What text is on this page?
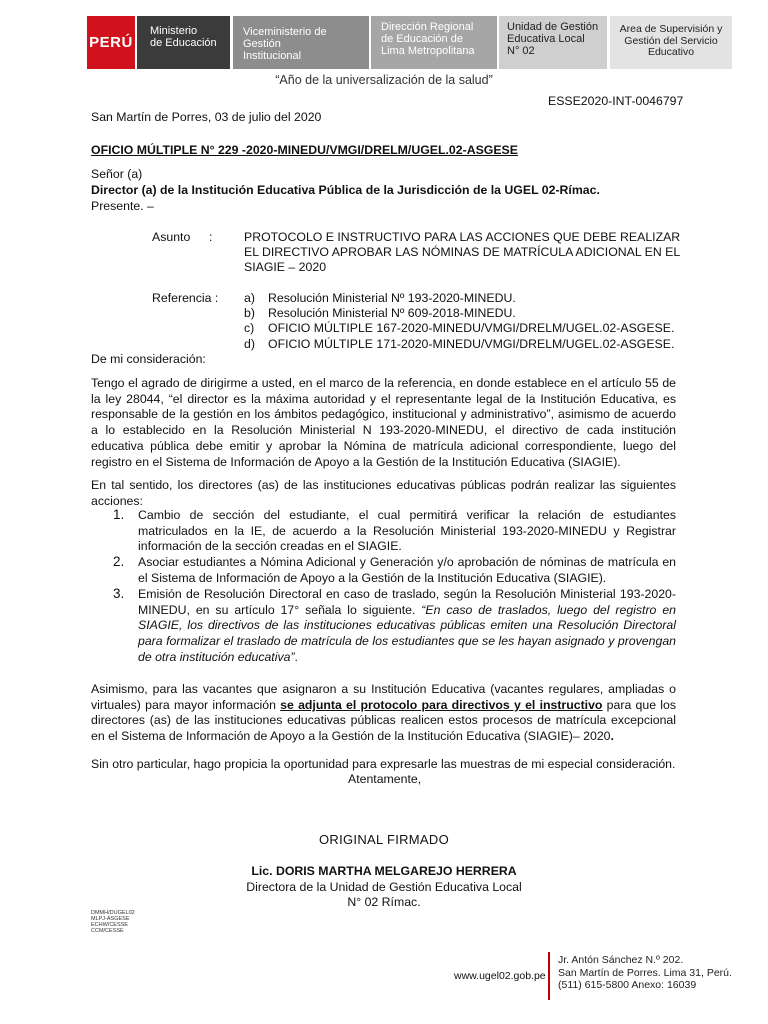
PERÚ
Ministerio
de Educación
Viceministerio de
Gestión
Institucional
Dirección Regional
de Educación de
Lima Metropolitana
Unidad de Gestión
Educativa Local
N° 02
Area de Supervisión y
Gestión del Servicio
Educativo
“Año de la universalización de la salud”
ESSE2020-INT-0046797
San Martín de Porres, 03 de julio del 2020
OFICIO MÚLTIPLE N° 229 -2020-MINEDU/VMGI/DRELM/UGEL.02-ASGESE
Señor (a)
Director (a) de la Institución Educativa Pública de la Jurisdicción de la UGEL 02-Rímac.
Presente. –
Asunto :	PROTOCOLO E INSTRUCTIVO PARA LAS ACCIONES QUE DEBE REALIZAR
EL DIRECTIVO APROBAR LAS NÓMINAS DE MATRÍCULA ADICIONAL EN EL
SIAGIE – 2020
Referencia : a) Resolución Ministerial Nº 193-2020-MINEDU.
b) Resolución Ministerial Nº 609-2018-MINEDU.
c) OFICIO MÚLTIPLE 167-2020-MINEDU/VMGI/DRELM/UGEL.02-ASGESE.
d) OFICIO MÚLTIPLE 171-2020-MINEDU/VMGI/DRELM/UGEL.02-ASGESE.
De mi consideración:
Tengo el agrado de dirigirme a usted, en el marco de la referencia, en donde establece en el artículo 55 de la ley 28044, “el director es la máxima autoridad y el representante legal de la Institución Educativa, es responsable de la gestión en los ámbitos pedagógico, institucional y administrativo”, asimismo de acuerdo a lo establecido en la Resolución Ministerial N 193-2020-MINEDU, el directivo de cada institución educativa pública debe emitir y aprobar la Nómina de matrícula adicional correspondiente, luego del registro en el Sistema de Información de Apoyo a la Gestión de la Institución Educativa (SIAGIE).
En tal sentido, los directores (as) de las instituciones educativas públicas podrán realizar las siguientes acciones:
1. Cambio de sección del estudiante, el cual permitirá verificar la relación de estudiantes matriculados en la IE, de acuerdo a la Resolución Ministerial 193-2020-MINEDU y Registrar información de la sección creadas en el SIAGIE.
2. Asociar estudiantes a Nómina Adicional y Generación y/o aprobación de nóminas de matrícula en el Sistema de Información de Apoyo a la Gestión de la Institución Educativa (SIAGIE).
3. Emisión de Resolución Directoral en caso de traslado, según la Resolución Ministerial 193-2020-MINEDU, en su artículo 17° señala lo siguiente. “En caso de traslados, luego del registro en SIAGIE, los directivos de las instituciones educativas públicas emiten una Resolución Directoral para formalizar el traslado de matrícula de los estudiantes que se les hayan asignado y provengan de otra institución educativa”.
Asimismo, para las vacantes que asignaron a su Institución Educativa (vacantes regulares, ampliadas o virtuales) para mayor información se adjunta el protocolo para directivos y el instructivo para que los directores (as) de las instituciones educativas públicas realicen estos procesos de matrícula excepcional en el Sistema de Información de Apoyo a la Gestión de la Institución Educativa (SIAGIE)– 2020.
Sin otro particular, hago propicia la oportunidad para expresarle las muestras de mi especial consideración.
Atentamente,
ORIGINAL FIRMADO
Lic. DORIS MARTHA MELGAREJO HERRERA
Directora de la Unidad de Gestión Educativa Local
N° 02 Rímac.
DMMH/DUGEL02
MLPJ-ASGESE
ECHW/CESSE
CCM/CESSE
www.ugel02.gob.pe
Jr. Antón Sánchez N.º 202.
San Martín de Porres. Lima 31, Perú.
(511) 615-5800 Anexo: 16039
